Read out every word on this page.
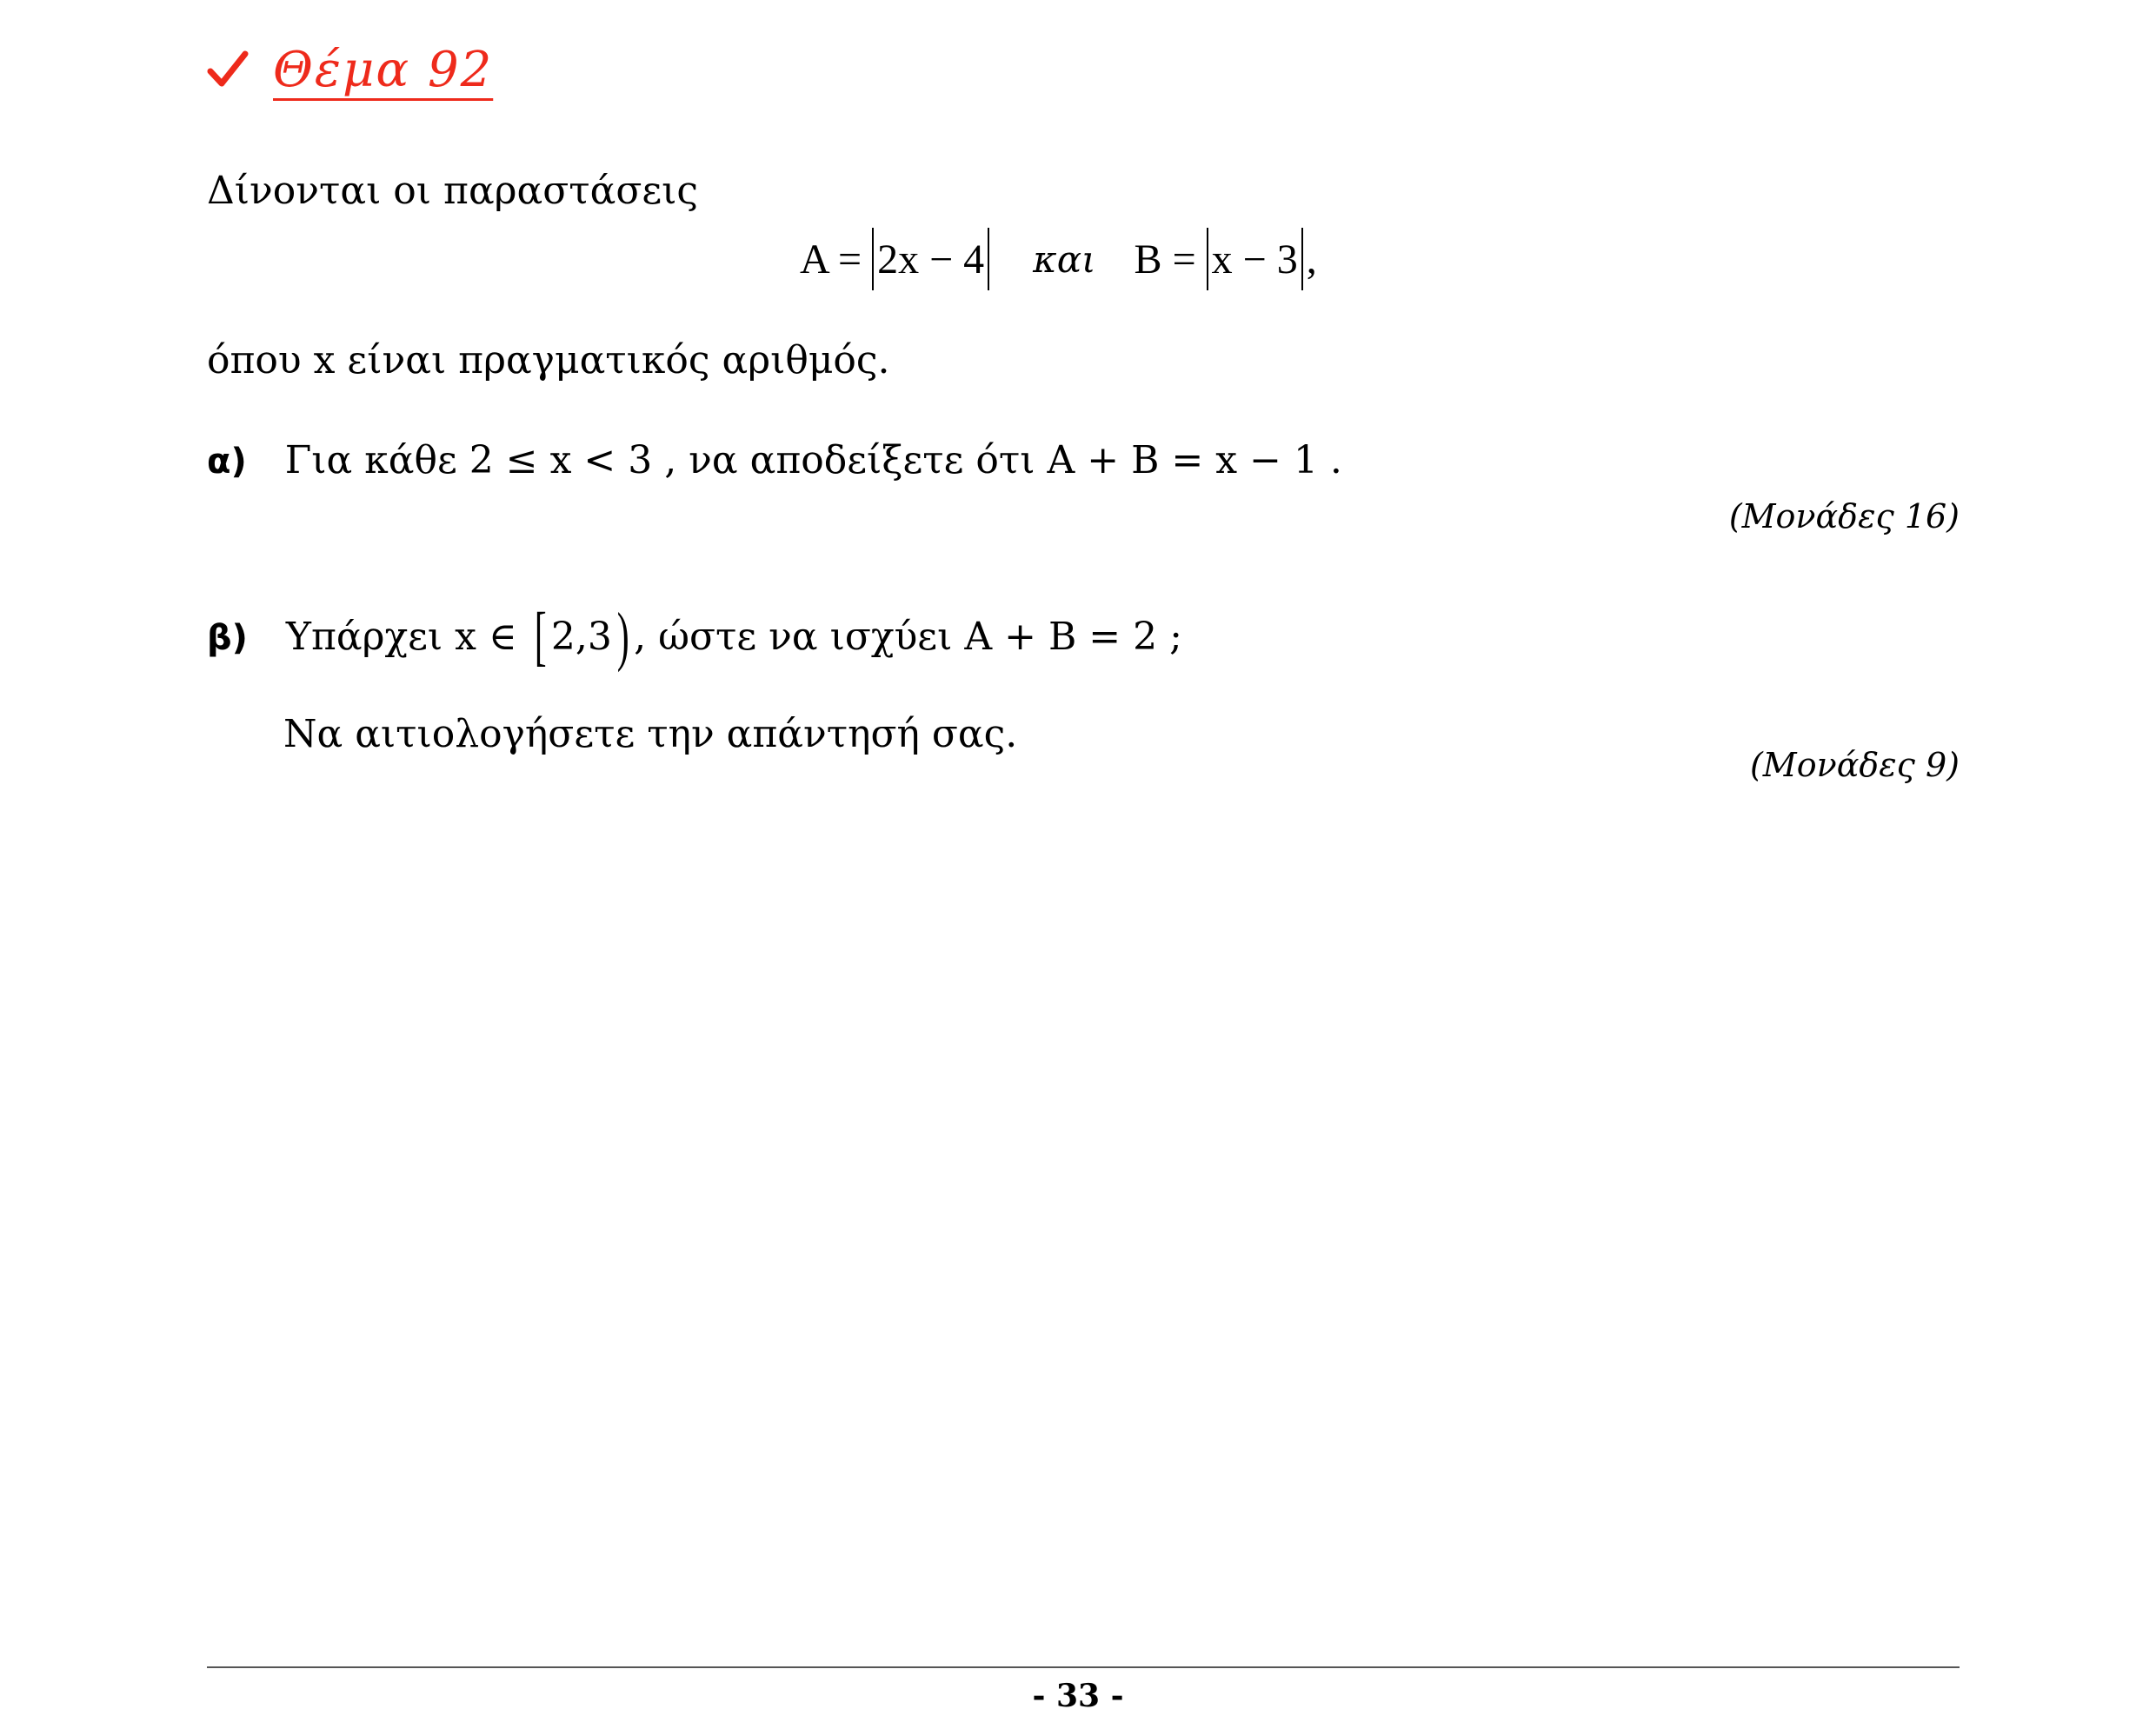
Θέμα 92
Δίνονται οι παραστάσεις
Α = 2x − 4 και Β = x − 3 ,
όπου x είναι πραγματικός αριθμός.
α) Για κάθε 2 ≤ x < 3 , να αποδείξετε ότι Α + Β = x − 1 .
(Μονάδες 16)
β) Υπάρχει x ∈ [ 2,3) , ώστε να ισχύει Α + Β = 2 ;
Να αιτιολογήσετε την απάντησή σας.
(Μονάδες 9)
- 33 -
